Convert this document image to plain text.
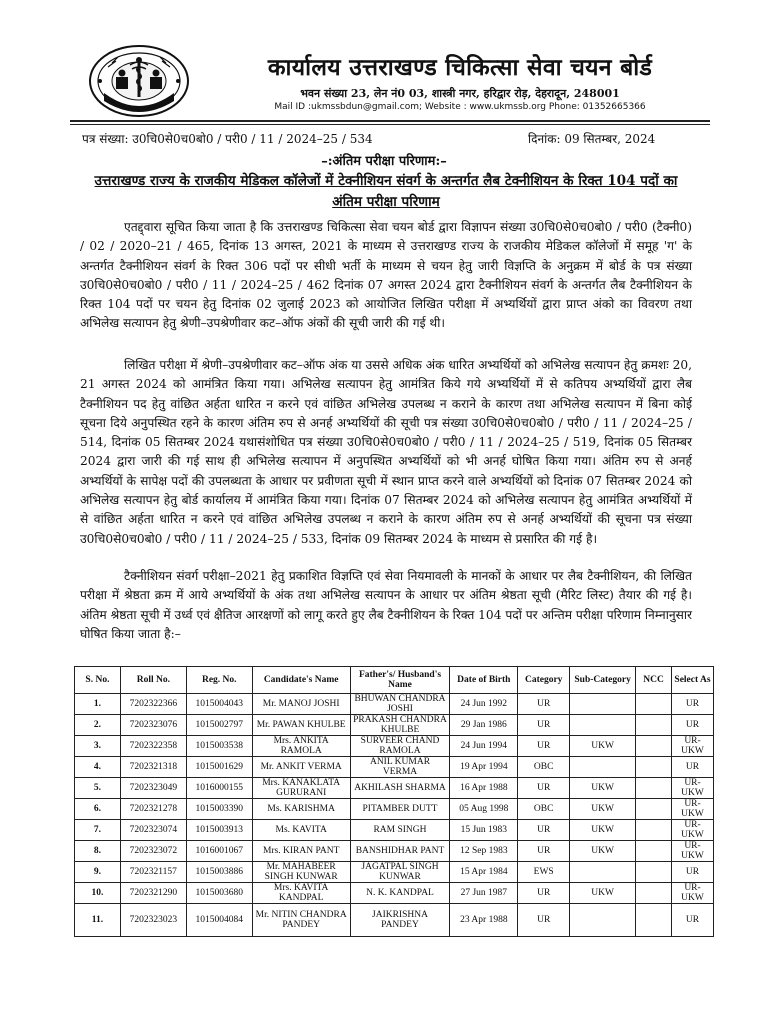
कार्यालय उत्तराखण्ड चिकित्सा सेवा चयन बोर्ड
भवन संख्या 23, लेन नं0 03, शास्त्री नगर, हरिद्वार रोड़, देहरादून, 248001
Mail ID :ukmssbdun@gmail.com; Website : www.ukmssb.org Phone: 01352665366
पत्र संख्या: उ0चि0से0च0बो0 / परी0 / 11 / 2024–25 / 534	दिनांक: 09 सितम्बर, 2024
–:अंतिम परीक्षा परिणाम:–
उत्तराखण्ड राज्य के राजकीय मेडिकल कॉलेजों में टेक्नीशियन संवर्ग के अन्तर्गत लैब टेक्नीशियन के रिक्त 104 पदों का अंतिम परीक्षा परिणाम

एतद्द्वारा सूचित किया जाता है कि उत्तराखण्ड चिकित्सा सेवा चयन बोर्ड द्वारा विज्ञापन संख्या उ0चि0से0च0बो0 / परी0 (टैक्नी0) / 02 / 2020–21 / 465, दिनांक 13 अगस्त, 2021 के माध्यम से उत्तराखण्ड राज्य के राजकीय मेडिकल कॉलेजों में समूह 'ग' के अन्तर्गत टैक्नीशियन संवर्ग के रिक्त 306 पदों पर सीधी भर्ती के माध्यम से चयन हेतु जारी विज्ञप्ति के अनुक्रम में बोर्ड के पत्र संख्या उ0चि0से0च0बो0 / परी0 / 11 / 2024–25 / 462 दिनांक 07 अगस्त 2024 द्वारा टैक्नीशियन संवर्ग के अन्तर्गत लैब टैक्नीशियन के रिक्त 104 पदों पर चयन हेतु दिनांक 02 जुलाई 2023 को आयोजित लिखित परीक्षा में अभ्यर्थियों द्वारा प्राप्त अंको का विवरण तथा अभिलेख सत्यापन हेतु श्रेणी–उपश्रेणीवार कट–ऑफ अंकों की सूची जारी की गई थी।

लिखित परीक्षा में श्रेणी–उपश्रेणीवार कट–ऑफ अंक या उससे अधिक अंक धारित अभ्यर्थियों को अभिलेख सत्यापन हेतु क्रमशः 20, 21 अगस्त 2024 को आमंत्रित किया गया। अभिलेख सत्यापन हेतु आमंत्रित किये गये अभ्यर्थियों में से कतिपय अभ्यर्थियों द्वारा लैब टैक्नीशियन पद हेतु वांछित अर्हता धारित न करने एवं वांछित अभिलेख उपलब्ध न कराने के कारण तथा अभिलेख सत्यापन में बिना कोई सूचना दिये अनुपस्थित रहने के कारण अंतिम रुप से अनर्ह अभ्यर्थियों की सूची पत्र संख्या उ0चि0से0च0बो0 / परी0 / 11 / 2024–25 / 514, दिनांक 05 सितम्बर 2024 यथासंशोधित पत्र संख्या उ0चि0से0च0बो0 / परी0 / 11 / 2024–25 / 519, दिनांक 05 सितम्बर 2024 द्वारा जारी की गई साथ ही अभिलेख सत्यापन में अनुपस्थित अभ्यर्थियों को भी अनर्ह घोषित किया गया। अंतिम रुप से अनर्ह अभ्यर्थियों के सापेक्ष पदों की उपलब्धता के आधार पर प्रवीणता सूची में स्थान प्राप्त करने वाले अभ्यर्थियों को दिनांक 07 सितम्बर 2024 को अभिलेख सत्यापन हेतु बोर्ड कार्यालय में आमंत्रित किया गया। दिनांक 07 सितम्बर 2024 को अभिलेख सत्यापन हेतु आमंत्रित अभ्यर्थियों में से वांछित अर्हता धारित न करने एवं वांछित अभिलेख उपलब्ध न कराने के कारण अंतिम रुप से अनर्ह अभ्यर्थियों की सूचना पत्र संख्या उ0चि0से0च0बो0 / परी0 / 11 / 2024–25 / 533, दिनांक 09 सितम्बर 2024 के माध्यम से प्रसारित की गई है।

टैक्नीशियन संवर्ग परीक्षा–2021 हेतु प्रकाशित विज्ञप्ति एवं सेवा नियमावली के मानकों के आधार पर लैब टैक्नीशियन, की लिखित परीक्षा में श्रेष्ठता क्रम में आये अभ्यर्थियों के अंक तथा अभिलेख सत्यापन के आधार पर अंतिम श्रेष्ठता सूची (मैरिट लिस्ट) तैयार की गई है। अंतिम श्रेष्ठता सूची में उर्ध्व एवं क्षैतिज आरक्षणों को लागू करते हुए लैब टैक्नीशियन के रिक्त 104 पदों पर अन्तिम परीक्षा परिणाम निम्नानुसार घोषित किया जाता है:–

S. No.	Roll No.	Reg. No.	Candidate's Name	Father's/ Husband's Name	Date of Birth	Category	Sub-Category	NCC	Select As
1.	7202322366	1015004043	Mr. MANOJ JOSHI	BHUWAN CHANDRA JOSHI	24 Jun 1992	UR			UR
2.	7202323076	1015002797	Mr. PAWAN KHULBE	PRAKASH CHANDRA KHULBE	29 Jan 1986	UR			UR
3.	7202322358	1015003538	Mrs. ANKITA RAMOLA	SURVEER CHAND RAMOLA	24 Jun 1994	UR	UKW		UR-UKW
4.	7202321318	1015001629	Mr. ANKIT VERMA	ANIL KUMAR VERMA	19 Apr 1994	OBC			UR
5.	7202323049	1016000155	Mrs. KANAKLATA GURURANI	AKHILASH SHARMA	16 Apr 1988	UR	UKW		UR-UKW
6.	7202321278	1015003390	Ms. KARISHMA	PITAMBER DUTT	05 Aug 1998	OBC	UKW		UR-UKW
7.	7202323074	1015003913	Ms. KAVITA	RAM SINGH	15 Jun 1983	UR	UKW		UR-UKW
8.	7202323072	1016001067	Mrs. KIRAN PANT	BANSHIDHAR PANT	12 Sep 1983	UR	UKW		UR-UKW
9.	7202321157	1015003886	Mr. MAHABEER SINGH KUNWAR	JAGATPAL SINGH KUNWAR	15 Apr 1984	EWS			UR
10.	7202321290	1015003680	Mrs. KAVITA KANDPAL	N. K. KANDPAL	27 Jun 1987	UR	UKW		UR-UKW
11.	7202323023	1015004084	Mr. NITIN CHANDRA PANDEY	JAIKRISHNA PANDEY	23 Apr 1988	UR			UR
